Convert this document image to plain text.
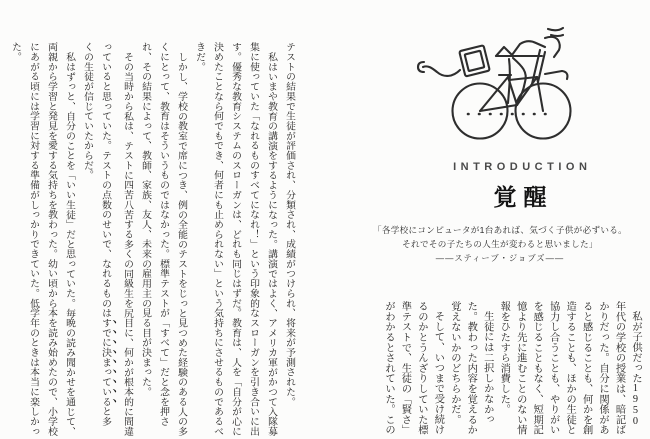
テストの結果で生徒が評価され、分類され、成績がつけられ、将来が予測された。

私はいまや教育の講演をするようになった。講演ではよく、アメリカ軍がかつて入隊募集に使っていた「なれるものすべてになれ！」という印象的なスローガンを引き合いに出す。優秀な教育システムのスローガンは、どれも同じはずだ。教育は、人を「自分が心に決めたことなら何でもでき、何者にも止められない」という気持ちにさせるものであるべきだ。

しかし、学校の教室で席につき、例の全能のテストをじっと見つめた経験のある人の多くにとって、教育はそういうものではなかった。標準テストが「すべて」だと念を押され、その結果によって、教師、家族、友人、未来の雇用主の見る目が決まった。

その当時から私は、テストに四苦八苦する多くの同級生を尻目に、何かが根本的に間違っていると思っていた。テストの点数のせいで、なれるものはすでに決まっていると多くの生徒が信じていたからだ。

私はずっと、自分のことを「いい生徒」だと思っていた。毎晩の読み聞かせを通じて、両親から学習と発見を愛する気持ちを教わった。幼い頃から本を読み始めたので、小学校にあがる頃には学習に対する準備がしっかりできていた。低学年のときは本当に楽しかった。

INTRODUCTION
覚醒
「各学校にコンピュータが1台あれば、気づく子供が必ずいる。
それでその子たちの人生が変わると思いました」
――スティーブ・ジョブズ――

私が子供だった1950年代の学校の授業は、暗記ばかりだった。自分に関係があると感じることも、何かを創造することも、ほかの生徒と協力し合うことも、やりがいを感じることもなく、短期記憶より先に進むことのない情報をひたすら消費した。

生徒には二択しかなかった。教わった内容を覚えるか覚えないかのどちらかだ。

そして、いつまで受け続けるのかとうんざりしていた標準テストで、生徒の「賢さ」がわかるとされていた。この
